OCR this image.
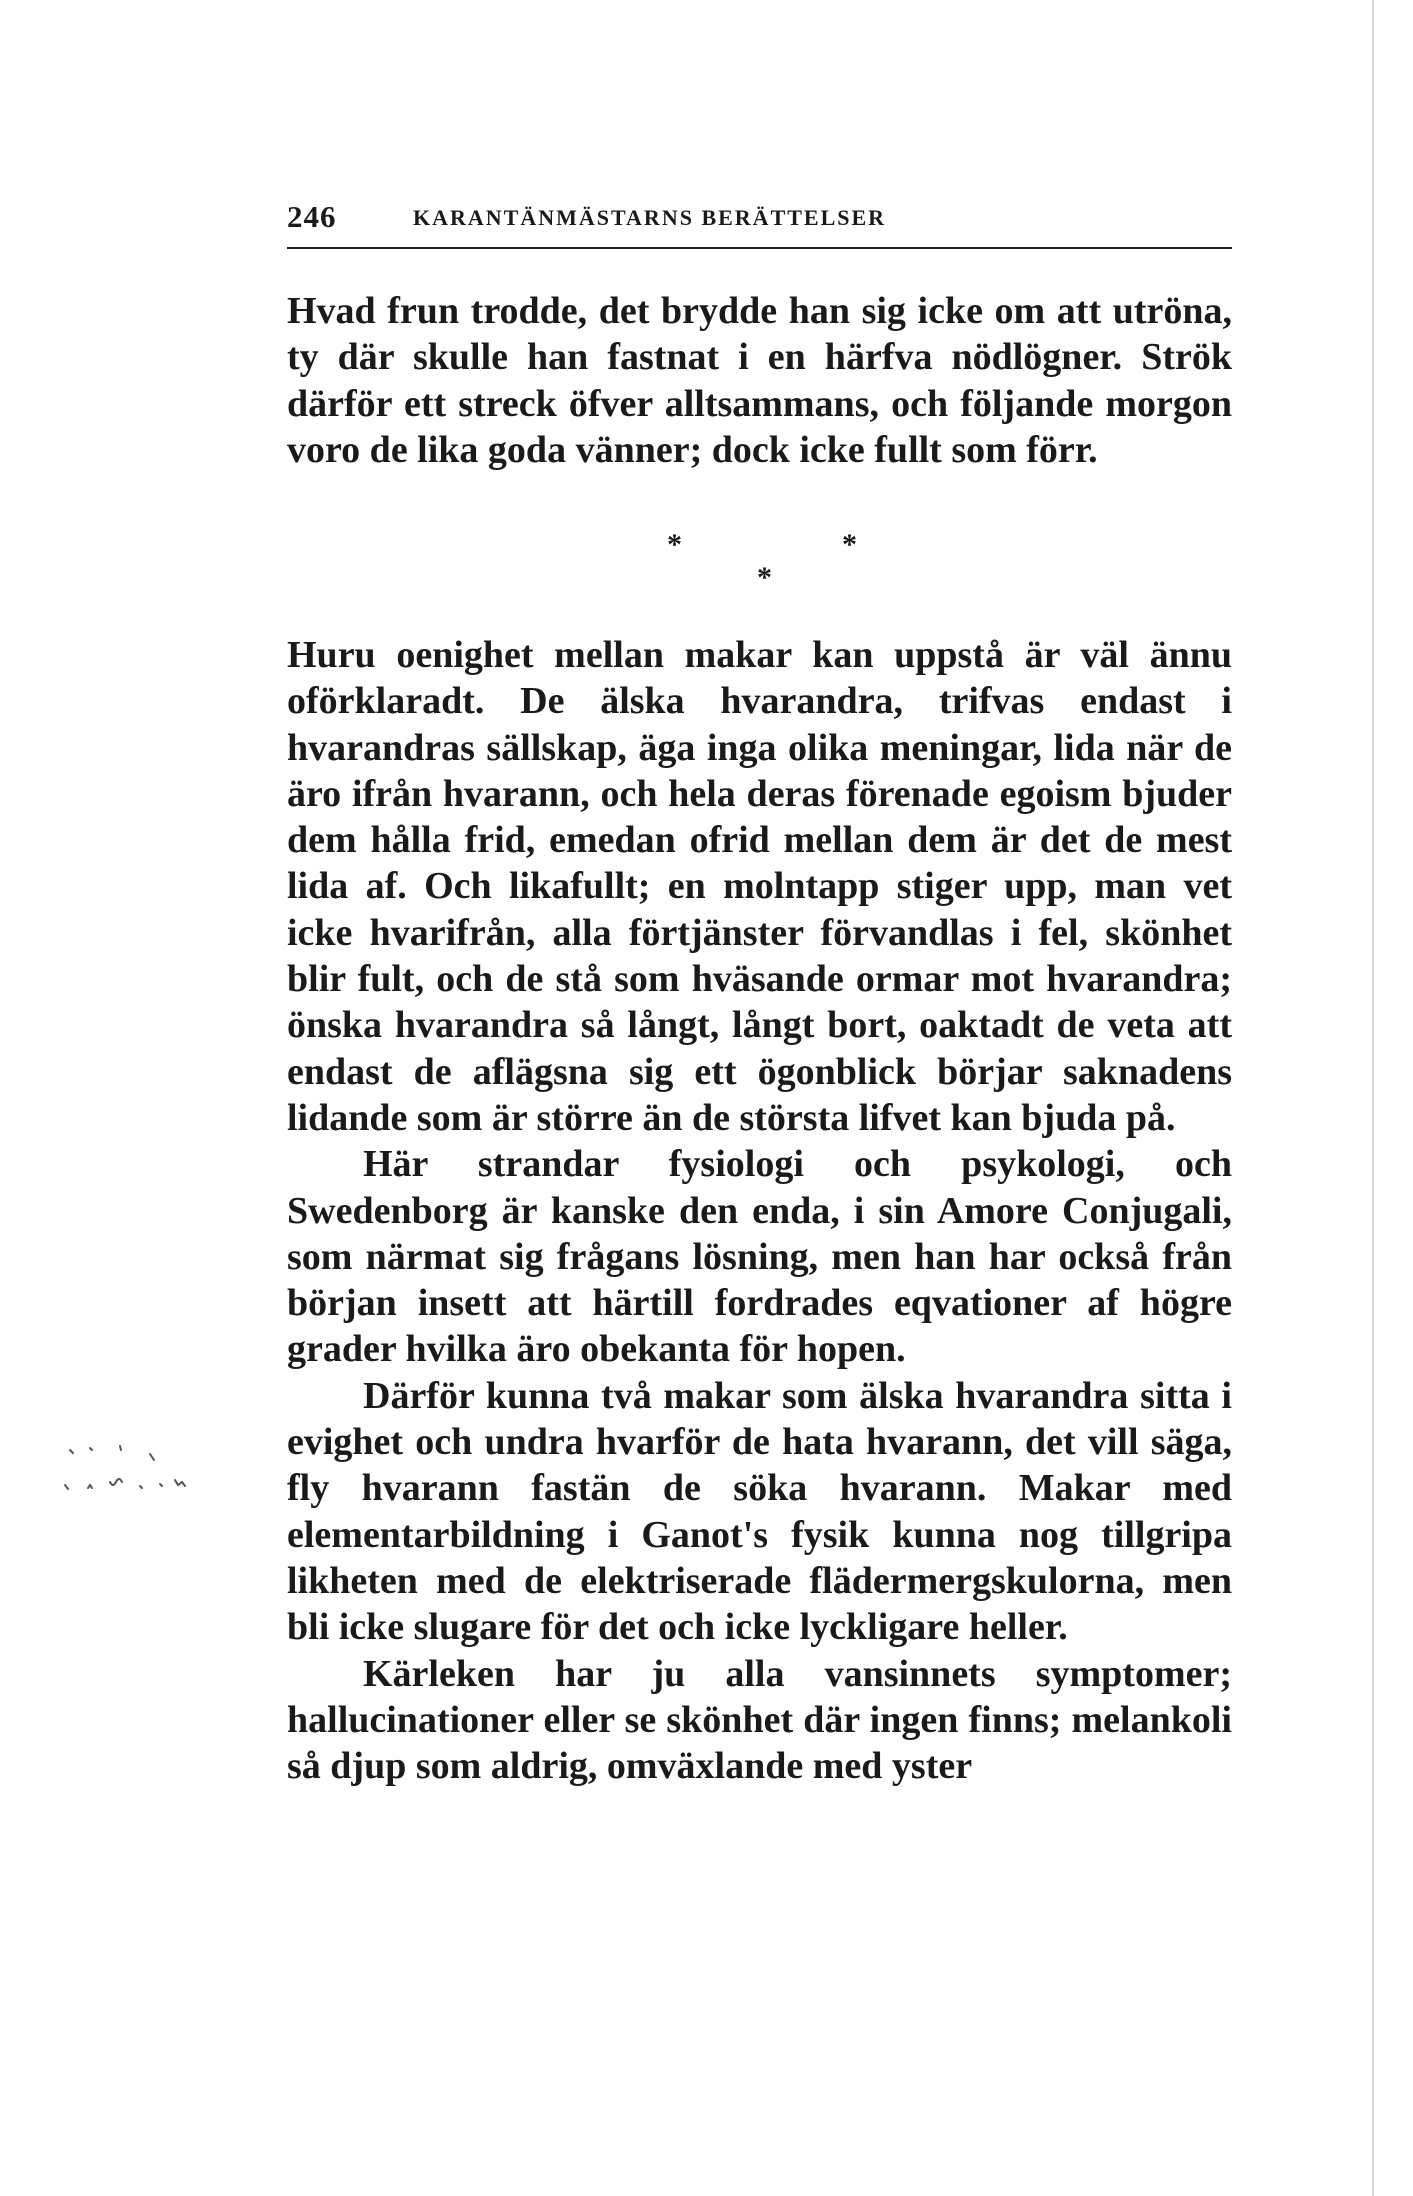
246	KARANTÄNMÄSTARNS BERÄTTELSER

Hvad frun trodde, det brydde han sig icke om att utröna, ty där skulle han fastnat i en härfva nödlögner. Strök därför ett streck öfver alltsammans, och följande morgon voro de lika goda vänner; dock icke fullt som förr.

*	*
*

Huru oenighet mellan makar kan uppstå är väl ännu oförklaradt. De älska hvarandra, trifvas endast i hvarandras sällskap, äga inga olika meningar, lida när de äro ifrån hvarann, och hela deras förenade egoism bjuder dem hålla frid, emedan ofrid mellan dem är det de mest lida af. Och likafullt; en molntapp stiger upp, man vet icke hvarifrån, alla förtjänster förvandlas i fel, skönhet blir fult, och de stå som hväsande ormar mot hvarandra; önska hvarandra så långt, långt bort, oaktadt de veta att endast de aflägsna sig ett ögonblick börjar saknadens lidande som är större än de största lifvet kan bjuda på.

Här strandar fysiologi och psykologi, och Swedenborg är kanske den enda, i sin Amore Conjugali, som närmat sig frågans lösning, men han har också från början insett att härtill fordrades eqvationer af högre grader hvilka äro obekanta för hopen.

Därför kunna två makar som älska hvarandra sitta i evighet och undra hvarför de hata hvarann, det vill säga, fly hvarann fastän de söka hvarann. Makar med elementarbildning i Ganot's fysik kunna nog tillgripa likheten med de elektriserade flädermergskulorna, men bli icke slugare för det och icke lyckligare heller.

Kärleken har ju alla vansinnets symptomer; hallucinationer eller se skönhet där ingen finns; melankoli så djup som aldrig, omväxlande med yster
